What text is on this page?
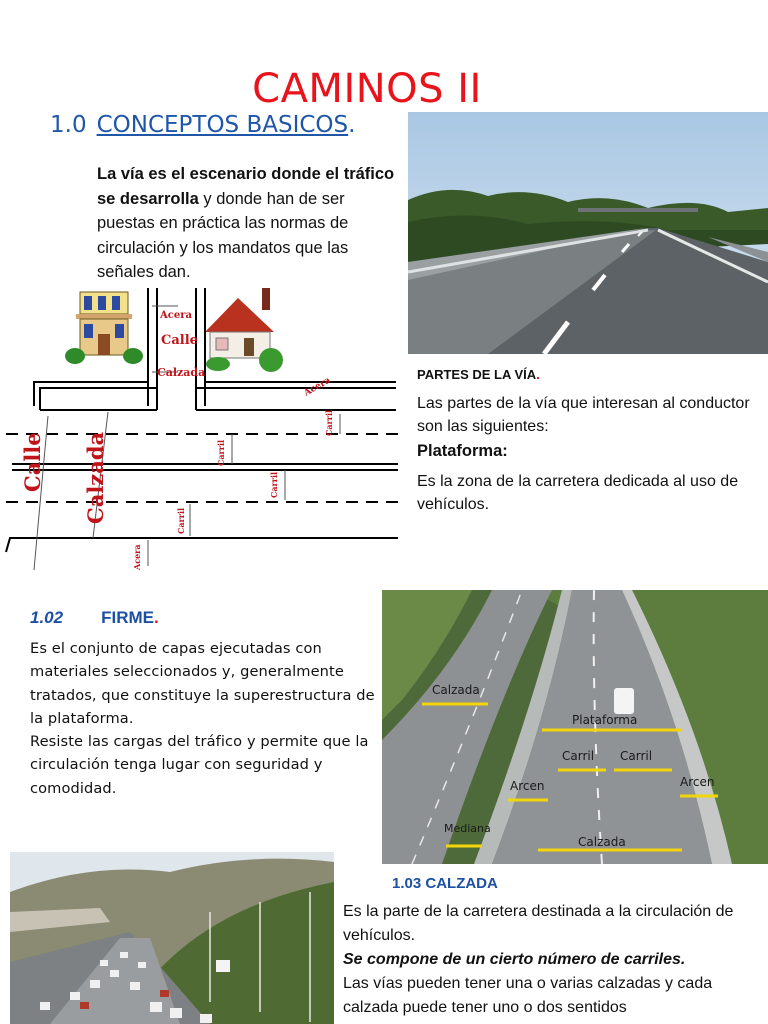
CAMINOS II
1.0 CONCEPTOS BASICOS.
La vía es el escenario donde el tráfico se desarrolla y donde han de ser puestas en práctica las normas de circulación y los mandatos que las señales dan.
Acera
Calle
Calzada
Acera
Carril
Carril
Carril
Carril
Acera
Calle Calzada
PARTES DE LA VÍA.
Las partes de la vía que interesan al conductor son las siguientes:
Plataforma:
Es la zona de la carretera dedicada al uso de vehículos.
1.02 FIRME.
Es el conjunto de capas ejecutadas con materiales seleccionados y, generalmente tratados, que constituye la superestructura de la plataforma.
Resiste las cargas del tráfico y permite que la circulación tenga lugar con seguridad y comodidad.
Calzada
Plataforma
Carril Carril
Arcen	Arcen
Mediana
Calzada
1.03 CALZADA
Es la parte de la carretera destinada a la circulación de vehículos.
Se compone de un cierto número de carriles.
Las vías pueden tener una o varias calzadas y cada calzada puede tener uno o dos sentidos
